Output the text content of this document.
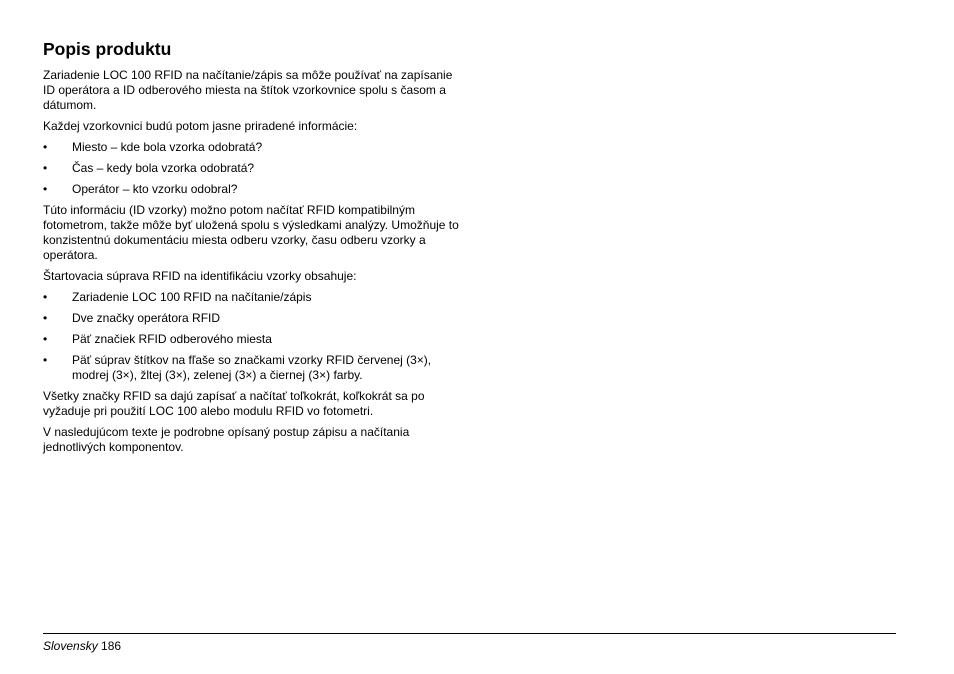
Popis produktu

Zariadenie LOC 100 RFID na načítanie/zápis sa môže používať na zapísanie ID operátora a ID odberového miesta na štítok vzorkovnice spolu s časom a dátumom.

Každej vzorkovnici budú potom jasne priradené informácie:

• Miesto – kde bola vzorka odobratá?
• Čas – kedy bola vzorka odobratá?
• Operátor – kto vzorku odobral?

Túto informáciu (ID vzorky) možno potom načítať RFID kompatibilným fotometrom, takže môže byť uložená spolu s výsledkami analýzy. Umožňuje to konzistentnú dokumentáciu miesta odberu vzorky, času odberu vzorky a operátora.

Štartovacia súprava RFID na identifikáciu vzorky obsahuje:

• Zariadenie LOC 100 RFID na načítanie/zápis
• Dve značky operátora RFID
• Päť značiek RFID odberového miesta
• Päť súprav štítkov na fľaše so značkami vzorky RFID červenej (3×), modrej (3×), žltej (3×), zelenej (3×) a čiernej (3×) farby.

Všetky značky RFID sa dajú zapísať a načítať toľkokrát, koľkokrát sa po vyžaduje pri použití LOC 100 alebo modulu RFID vo fotometri.

V nasledujúcom texte je podrobne opísaný postup zápisu a načítania jednotlivých komponentov.

Slovensky 186
